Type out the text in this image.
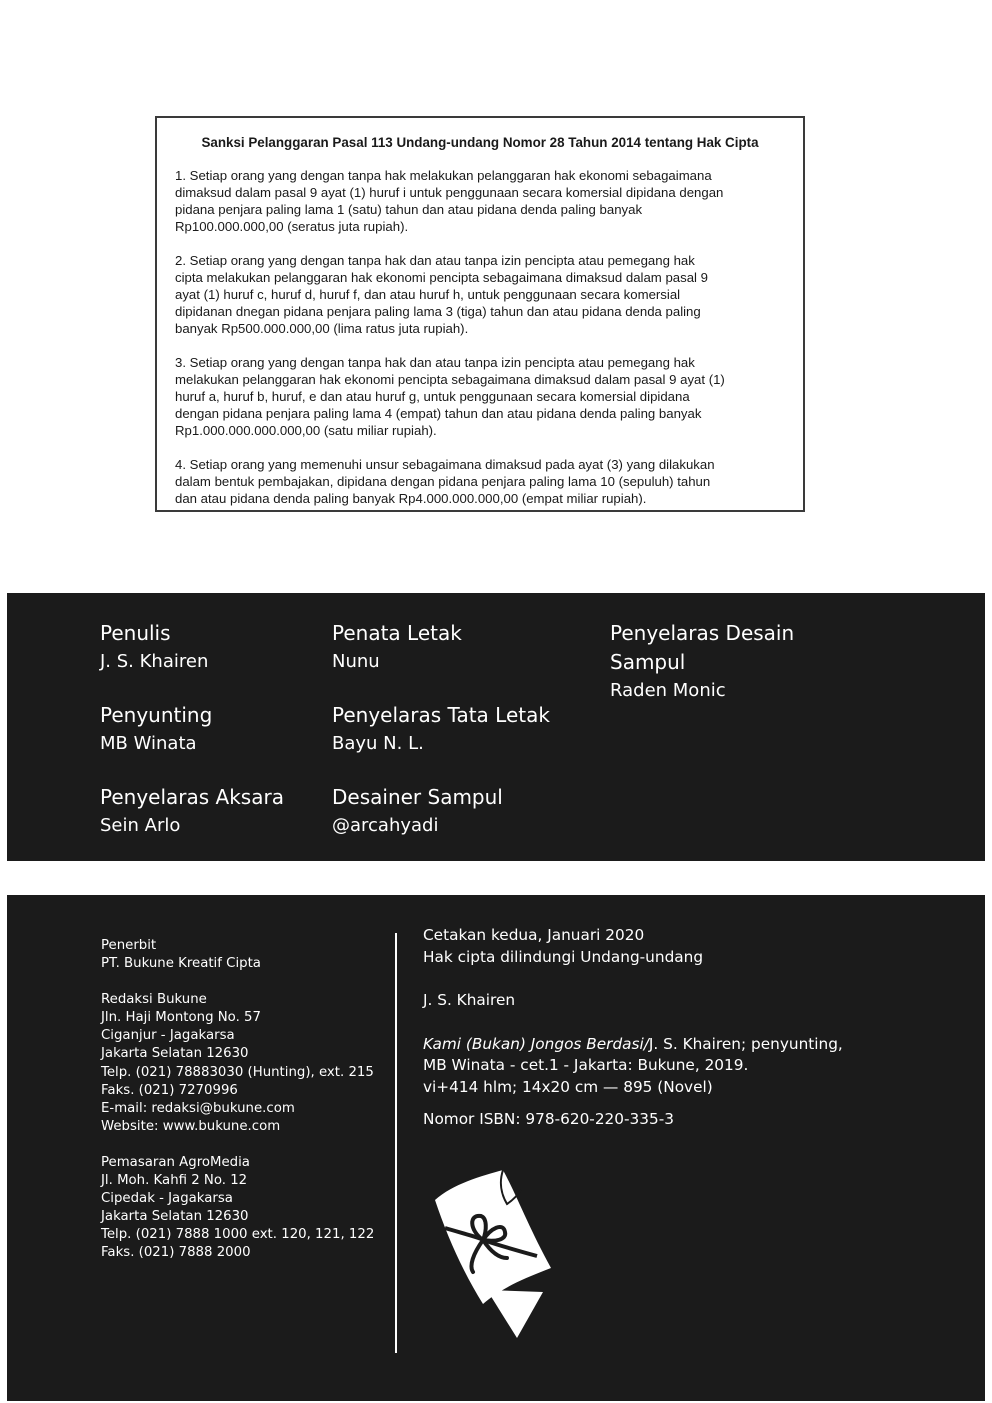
Sanksi Pelanggaran Pasal 113 Undang-undang Nomor 28 Tahun 2014 tentang Hak Cipta
1. Setiap orang yang dengan tanpa hak melakukan pelanggaran hak ekonomi sebagaimana
dimaksud dalam pasal 9 ayat (1) huruf i untuk penggunaan secara komersial dipidana dengan
pidana penjara paling lama 1 (satu) tahun dan atau pidana denda paling banyak
Rp100.000.000,00 (seratus juta rupiah).
2. Setiap orang yang dengan tanpa hak dan atau tanpa izin pencipta atau pemegang hak
cipta melakukan pelanggaran hak ekonomi pencipta sebagaimana dimaksud dalam pasal 9
ayat (1) huruf c, huruf d, huruf f, dan atau huruf h, untuk penggunaan secara komersial
dipidanan dnegan pidana penjara paling lama 3 (tiga) tahun dan atau pidana denda paling
banyak Rp500.000.000,00 (lima ratus juta rupiah).
3. Setiap orang yang dengan tanpa hak dan atau tanpa izin pencipta atau pemegang hak
melakukan pelanggaran hak ekonomi pencipta sebagaimana dimaksud dalam pasal 9 ayat (1)
huruf a, huruf b, huruf, e dan atau huruf g, untuk penggunaan secara komersial dipidana
dengan pidana penjara paling lama 4 (empat) tahun dan atau pidana denda paling banyak
Rp1.000.000.000.000,00 (satu miliar rupiah).
4. Setiap orang yang memenuhi unsur sebagaimana dimaksud pada ayat (3) yang dilakukan
dalam bentuk pembajakan, dipidana dengan pidana penjara paling lama 10 (sepuluh) tahun
dan atau pidana denda paling banyak Rp4.000.000.000,00 (empat miliar rupiah).
Penulis
J. S. Khairen
Penyunting
MB Winata
Penyelaras Aksara
Sein Arlo
Penata Letak
Nunu
Penyelaras Tata Letak
Bayu N. L.
Desainer Sampul
@arcahyadi
Penyelaras Desain
Sampul
Raden Monic
Penerbit
PT. Bukune Kreatif Cipta
Redaksi Bukune
Jln. Haji Montong No. 57
Ciganjur - Jagakarsa
Jakarta Selatan 12630
Telp. (021) 78883030 (Hunting), ext. 215
Faks. (021) 7270996
E-mail: redaksi@bukune.com
Website: www.bukune.com
Pemasaran AgroMedia
Jl. Moh. Kahfi 2 No. 12
Cipedak - Jagakarsa
Jakarta Selatan 12630
Telp. (021) 7888 1000 ext. 120, 121, 122
Faks. (021) 7888 2000
Cetakan kedua, Januari 2020
Hak cipta dilindungi Undang-undang
J. S. Khairen
Kami (Bukan) Jongos Berdasi/J. S. Khairen; penyunting,
MB Winata - cet.1 - Jakarta: Bukune, 2019.
vi+414 hlm; 14x20 cm — 895 (Novel)
Nomor ISBN: 978-620-220-335-3
